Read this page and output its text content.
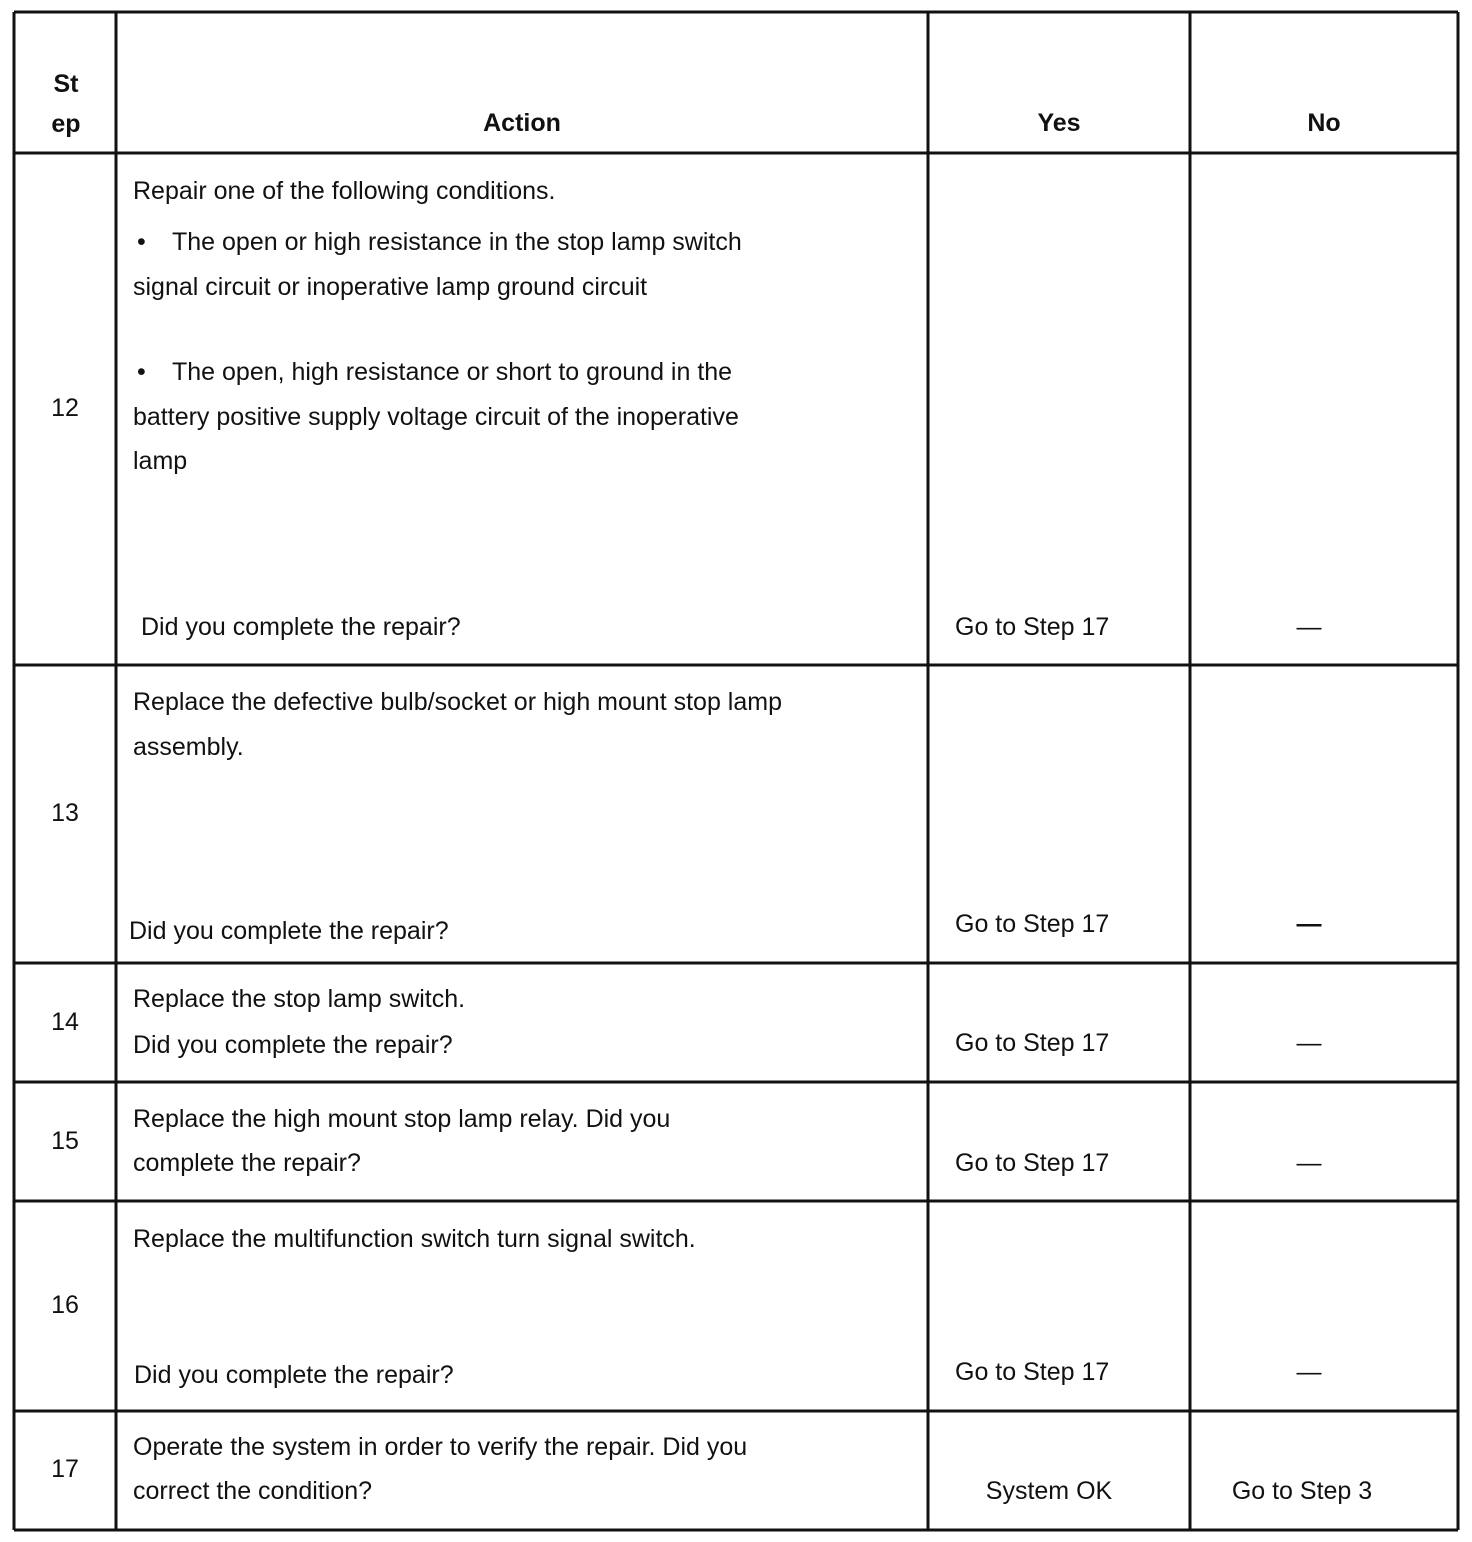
St
ep	Action	Yes	No
12
Repair one of the following conditions.
• The open or high resistance in the stop lamp switch
signal circuit or inoperative lamp ground circuit
• The open, high resistance or short to ground in the
battery positive supply voltage circuit of the inoperative
lamp
Did you complete the repair?	Go to Step 17	—
13
Replace the defective bulb/socket or high mount stop lamp
assembly.
Did you complete the repair?	Go to Step 17	—
14
Replace the stop lamp switch.
Did you complete the repair?	Go to Step 17	—
15
Replace the high mount stop lamp relay. Did you
complete the repair?	Go to Step 17	—
16
Replace the multifunction switch turn signal switch.
Did you complete the repair?	Go to Step 17	—
17
Operate the system in order to verify the repair. Did you
correct the condition?	System OK	Go to Step 3
